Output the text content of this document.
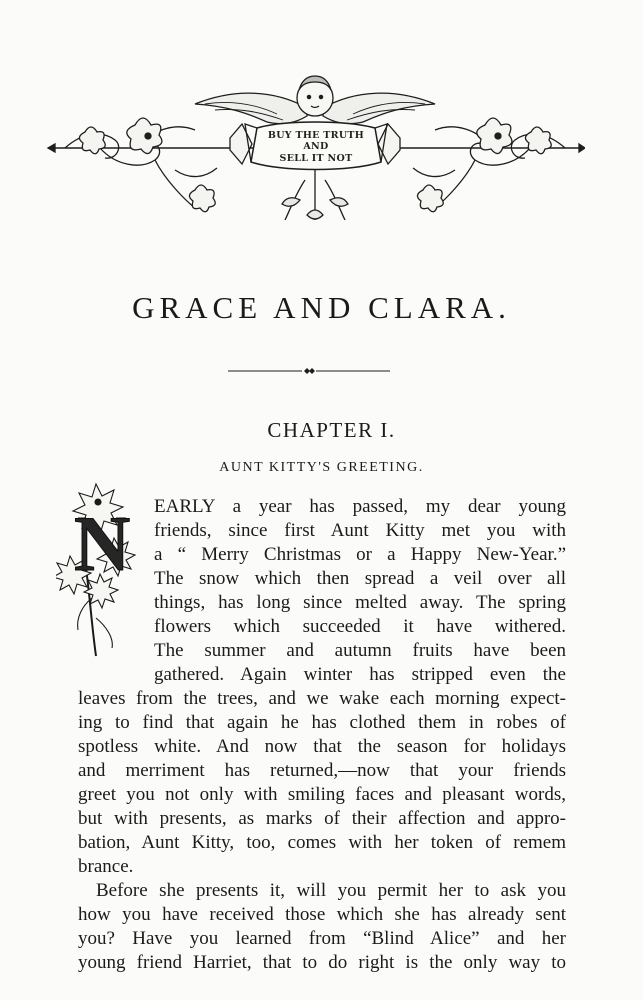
BUY THE TRUTH
AND
SELL IT NOT
GRACE AND CLARA.
CHAPTER I.
AUNT KITTY'S GREETING.
N EARLY a year has passed, my dear young
friends, since first Aunt Kitty met you with
a “ Merry Christmas or a Happy New-Year.”
The snow which then spread a veil over all
things, has long since melted away. The spring
flowers which succeeded it have withered.
The summer and autumn fruits have been
gathered. Again winter has stripped even the
leaves from the trees, and we wake each morning expect-
ing to find that again he has clothed them in robes of
spotless white. And now that the season for holidays
and merriment has returned,—now that your friends
greet you not only with smiling faces and pleasant words,
but with presents, as marks of their affection and appro-
bation, Aunt Kitty, too, comes with her token of remem
brance.
Before she presents it, will you permit her to ask you
how you have received those which she has already sent
you? Have you learned from “Blind Alice” and her
young friend Harriet, that to do right is the only way to
